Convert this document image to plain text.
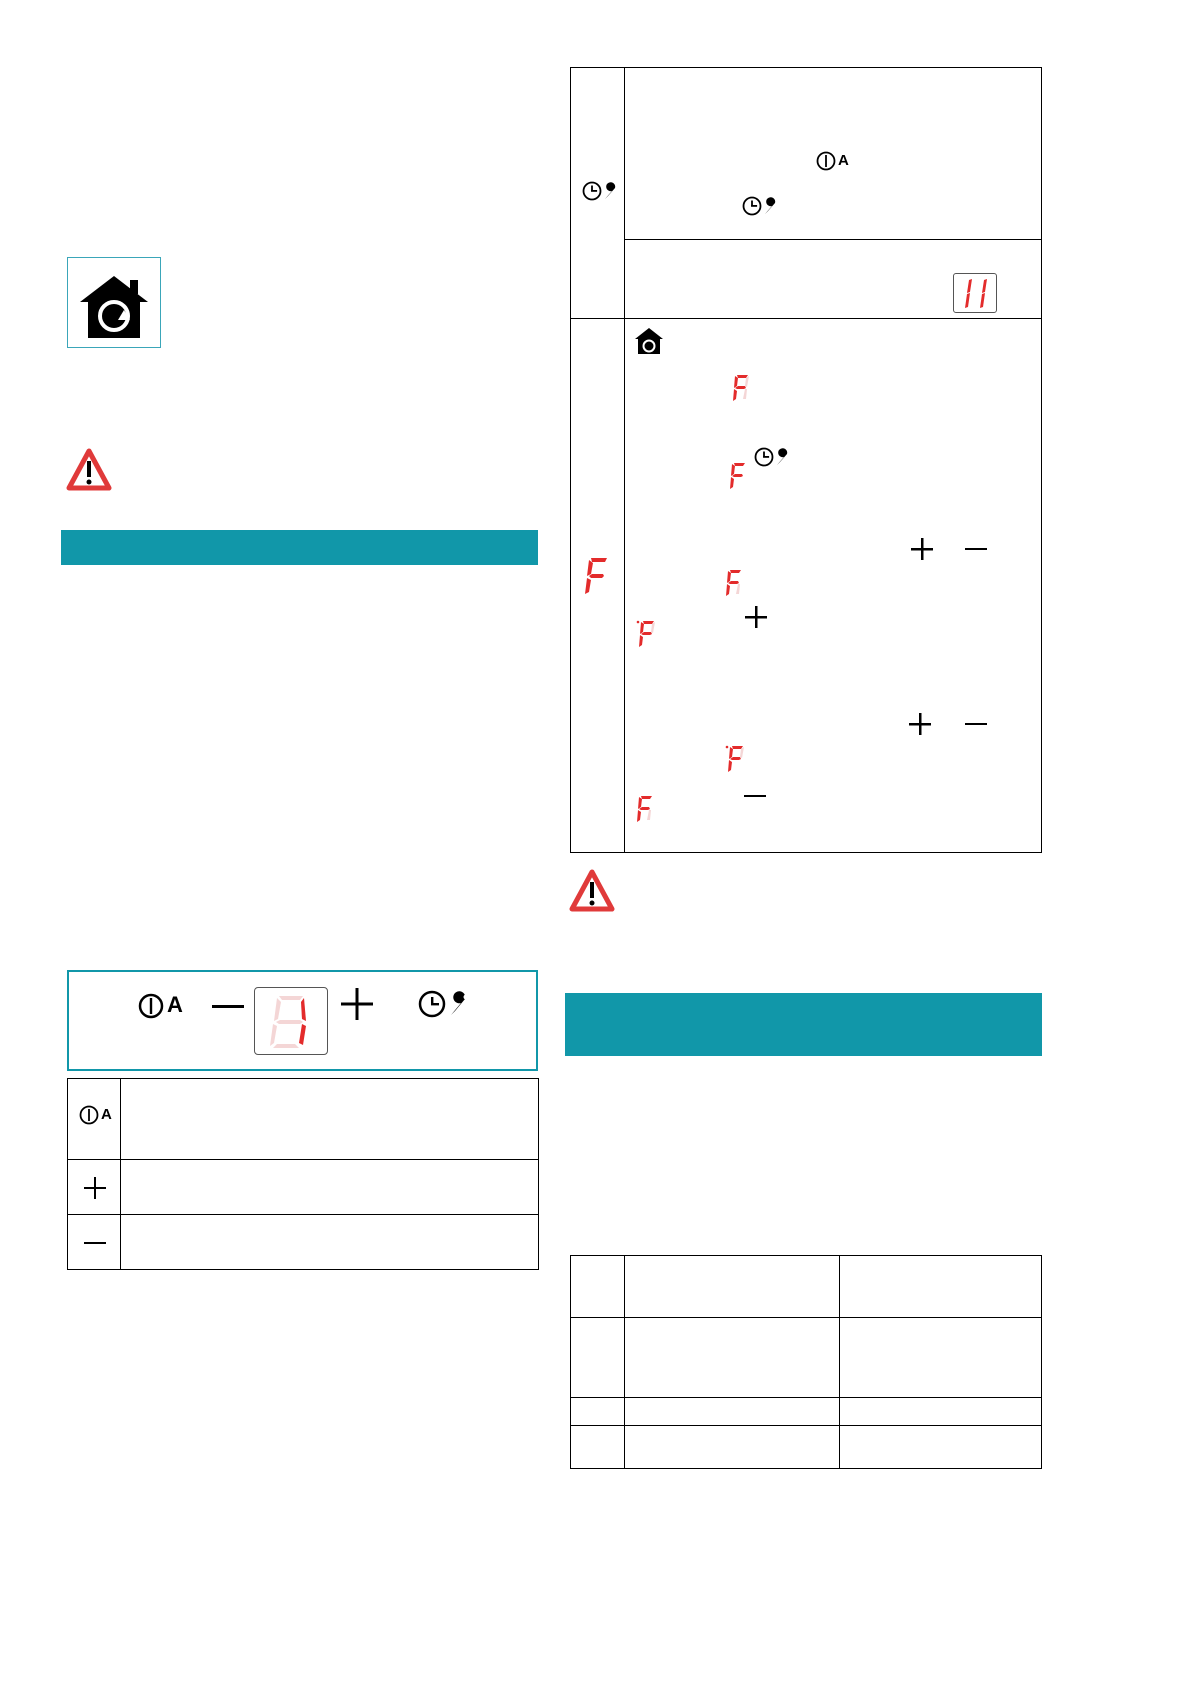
A
A
A
